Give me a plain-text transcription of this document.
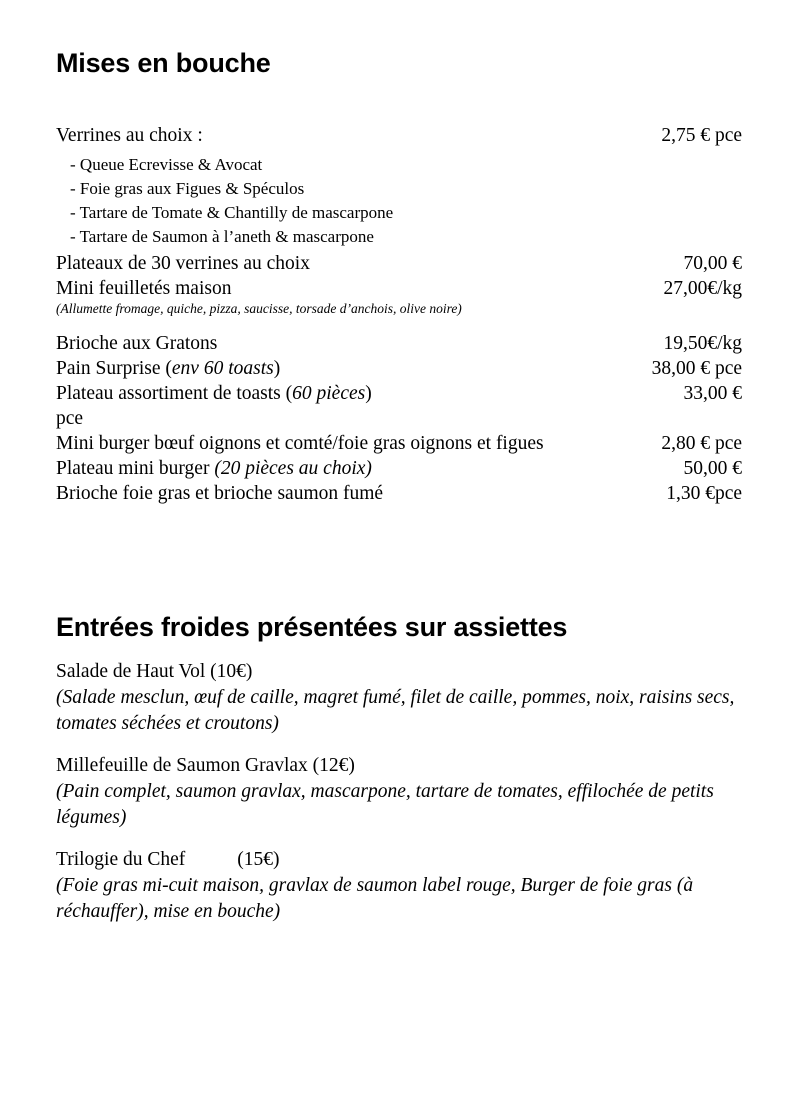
Mises en bouche
Verrines au choix :	2,75 € pce
- Queue Ecrevisse & Avocat
- Foie gras aux Figues & Spéculos
- Tartare de Tomate & Chantilly de mascarpone
- Tartare de Saumon à l’aneth & mascarpone
Plateaux de 30 verrines au choix	70,00 €
Mini feuilletés maison	27,00€/kg
(Allumette fromage, quiche, pizza, saucisse, torsade d’anchois, olive noire)
Brioche aux Gratons	19,50€/kg
Pain Surprise (env 60 toasts)	38,00 € pce
Plateau assortiment de toasts (60 pièces)	33,00 €
pce
Mini burger bœuf oignons et comté/foie gras oignons et figues	2,80 € pce
Plateau mini burger (20 pièces au choix)	50,00 €
Brioche foie gras et brioche saumon fumé	1,30 €pce
Entrées froides présentées sur assiettes
Salade de Haut Vol (10€)
(Salade mesclun, œuf de caille, magret fumé, filet de caille, pommes, noix, raisins secs, tomates séchées et croutons)
Millefeuille de Saumon Gravlax (12€)
(Pain complet, saumon gravlax, mascarpone, tartare de tomates, effilochée de petits légumes)
Trilogie du Chef	(15€)
(Foie gras mi-cuit maison, gravlax de saumon label rouge, Burger de foie gras (à réchauffer), mise en bouche)
